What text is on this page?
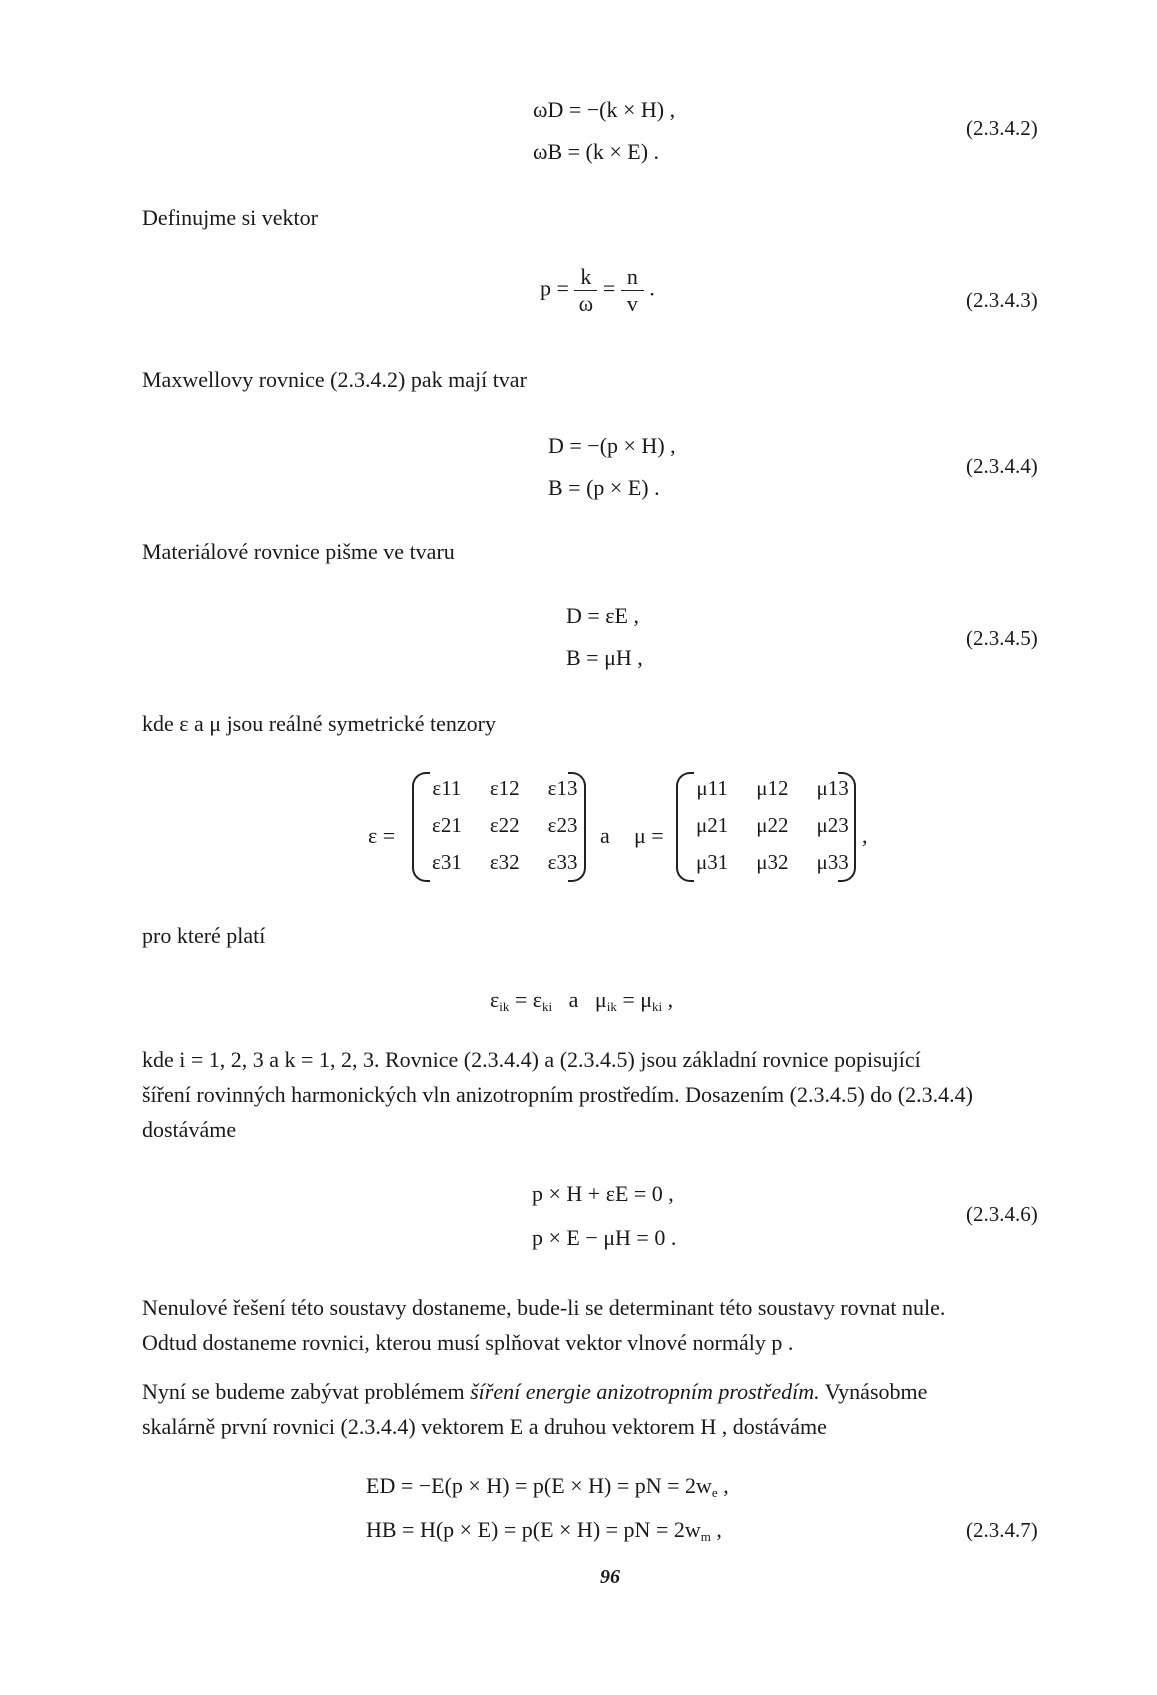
ωD = −(k × H) ,
ωB = (k × E) .
(2.3.4.2)
Definujme si vektor
$p = \frac{k}{\omega} = \frac{n}{v}$ .	(2.3.4.3)
Maxwellovy rovnice (2.3.4.2) pak mají tvar
D = −(p × H) ,
B = (p × E) .
(2.3.4.4)
Materiálové rovnice pišme ve tvaru
D = εE ,
B = μH ,
(2.3.4.5)
kde ε a μ jsou reálné symetrické tenzory
ε =
ε11	ε12	ε13
ε21	ε22	ε23
ε31	ε32	ε33
a μ =
μ11	μ12	μ13
μ21	μ22	μ23
μ31	μ32	μ33
,
pro které platí
$\varepsilon_{ik} = \varepsilon_{ki}$ a $\mu_{ik} = \mu_{ki}$ ,
kde i = 1, 2, 3 a k = 1, 2, 3. Rovnice (2.3.4.4) a (2.3.4.5) jsou základní rovnice popisující
šíření rovinných harmonických vln anizotropním prostředím. Dosazením (2.3.4.5) do (2.3.4.4)
dostáváme
p × H + εE = 0 ,
p × E − μH = 0 .
(2.3.4.6)
Nenulové řešení této soustavy dostaneme, bude-li se determinant této soustavy rovnat nule.
Odtud dostaneme rovnici, kterou musí splňovat vektor vlnové normály p .
Nyní se budeme zabývat problémem šíření energie anizotropním prostředím. Vynásobme
skalárně první rovnici (2.3.4.4) vektorem E a druhou vektorem H , dostáváme
ED = −E(p × H) = p(E × H) = pN = $2w_e$ ,
HB = H(p × E) = p(E × H) = pN = $2w_m$ ,	(2.3.4.7)
96
